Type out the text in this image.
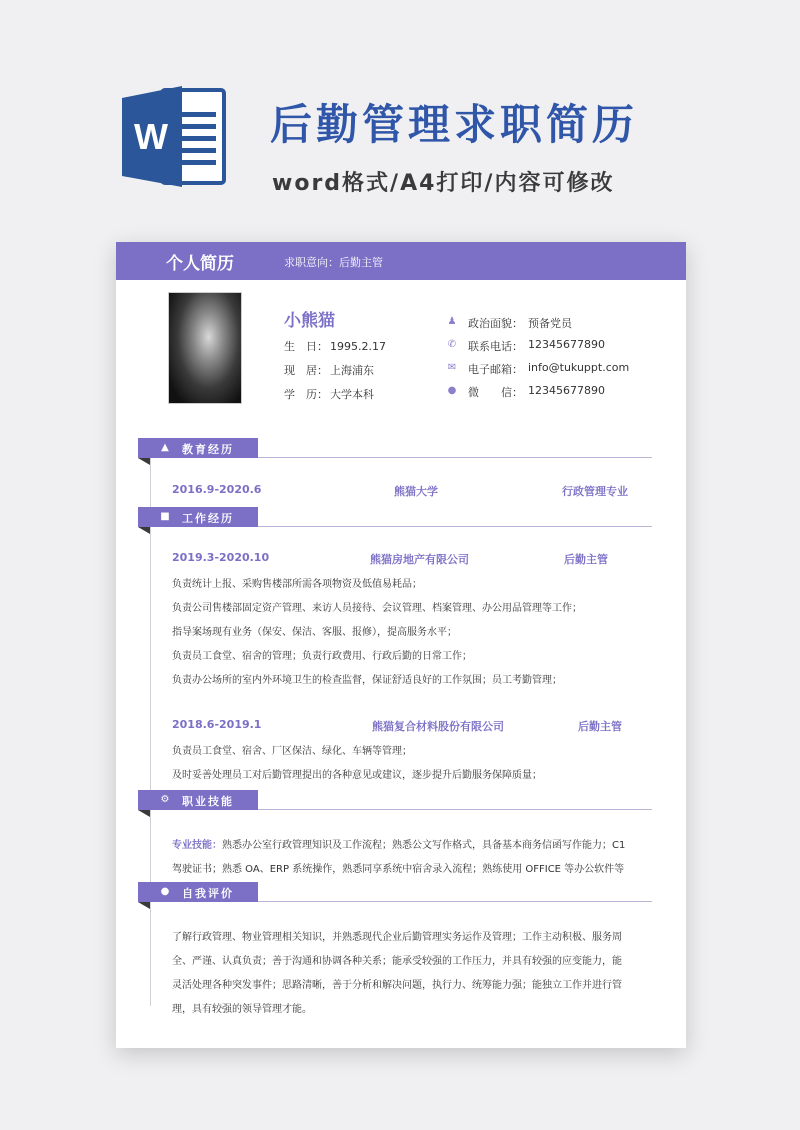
W 后勤管理求职简历
word格式/A4打印/内容可修改
个人简历	求职意向：后勤主管
小熊猫
生　日： 1995.2.17
现　居： 上海浦东
学　历： 大学本科
♟ 政治面貌： 预备党员
✆ 联系电话： 12345677890
✉ 电子邮箱： info@tukuppt.com
● 微　　信： 12345677890
▲ 教育经历
2016.9-2020.6	熊猫大学	行政管理专业
■ 工作经历
2019.3-2020.10	熊猫房地产有限公司	后勤主管
负责统计上报、采购售楼部所需各项物资及低值易耗品；
负责公司售楼部固定资产管理、来访人员接待、会议管理、档案管理、办公用品管理等工作；
指导案场现有业务（保安、保洁、客服、报修），提高服务水平；
负责员工食堂、宿舍的管理；负责行政费用、行政后勤的日常工作；
负责办公场所的室内外环境卫生的检查监督，保证舒适良好的工作氛围；员工考勤管理；
2018.6-2019.1	熊猫复合材料股份有限公司	后勤主管
负责员工食堂、宿舍、厂区保洁、绿化、车辆等管理；
及时妥善处理员工对后勤管理提出的各种意见或建议，逐步提升后勤服务保障质量；
⚙ 职业技能
专业技能：熟悉办公室行政管理知识及工作流程；熟悉公文写作格式，具备基本商务信函写作能力；C1
驾驶证书；熟悉 OA、ERP 系统操作，熟悉同享系统中宿舍录入流程；熟练使用 OFFICE 等办公软件等
● 自我评价
了解行政管理、物业管理相关知识，并熟悉现代企业后勤管理实务运作及管理；工作主动积极、服务周
全、严谨、认真负责；善于沟通和协调各种关系；能承受较强的工作压力，并具有较强的应变能力，能
灵活处理各种突发事件；思路清晰，善于分析和解决问题，执行力、统筹能力强；能独立工作并进行管
理，具有较强的领导管理才能。
